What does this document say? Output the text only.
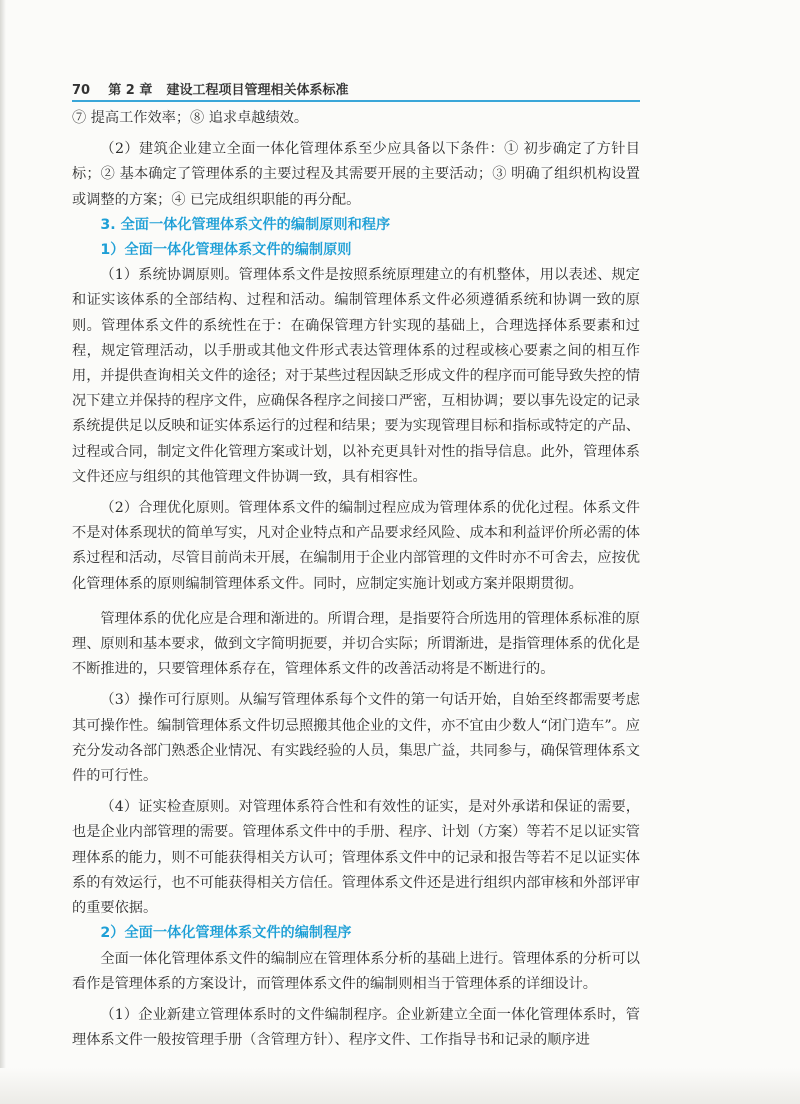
70 第 2 章 建设工程项目管理相关体系标准

⑦ 提高工作效率；⑧ 追求卓越绩效。

（2）建筑企业建立全面一体化管理体系至少应具备以下条件：① 初步确定了方针目标；② 基本确定了管理体系的主要过程及其需要开展的主要活动；③ 明确了组织机构设置或调整的方案；④ 已完成组织职能的再分配。

3. 全面一体化管理体系文件的编制原则和程序
1）全面一体化管理体系文件的编制原则

（1）系统协调原则。管理体系文件是按照系统原理建立的有机整体，用以表述、规定和证实该体系的全部结构、过程和活动。编制管理体系文件必须遵循系统和协调一致的原则。管理体系文件的系统性在于：在确保管理方针实现的基础上，合理选择体系要素和过程，规定管理活动，以手册或其他文件形式表达管理体系的过程或核心要素之间的相互作用，并提供查询相关文件的途径；对于某些过程因缺乏形成文件的程序而可能导致失控的情况下建立并保持的程序文件，应确保各程序之间接口严密，互相协调；要以事先设定的记录系统提供足以反映和证实体系运行的过程和结果；要为实现管理目标和指标或特定的产品、过程或合同，制定文件化管理方案或计划，以补充更具针对性的指导信息。此外，管理体系文件还应与组织的其他管理文件协调一致，具有相容性。

（2）合理优化原则。管理体系文件的编制过程应成为管理体系的优化过程。体系文件不是对体系现状的简单写实，凡对企业特点和产品要求经风险、成本和利益评价所必需的体系过程和活动，尽管目前尚未开展，在编制用于企业内部管理的文件时亦不可舍去，应按优化管理体系的原则编制管理体系文件。同时，应制定实施计划或方案并限期贯彻。

管理体系的优化应是合理和渐进的。所谓合理，是指要符合所选用的管理体系标准的原理、原则和基本要求，做到文字简明扼要，并切合实际；所谓渐进，是指管理体系的优化是不断推进的，只要管理体系存在，管理体系文件的改善活动将是不断进行的。

（3）操作可行原则。从编写管理体系每个文件的第一句话开始，自始至终都需要考虑其可操作性。编制管理体系文件切忌照搬其他企业的文件，亦不宜由少数人“闭门造车”。应充分发动各部门熟悉企业情况、有实践经验的人员，集思广益，共同参与，确保管理体系文件的可行性。

（4）证实检查原则。对管理体系符合性和有效性的证实，是对外承诺和保证的需要，也是企业内部管理的需要。管理体系文件中的手册、程序、计划（方案）等若不足以证实管理体系的能力，则不可能获得相关方认可；管理体系文件中的记录和报告等若不足以证实体系的有效运行，也不可能获得相关方信任。管理体系文件还是进行组织内部审核和外部评审的重要依据。

2）全面一体化管理体系文件的编制程序

全面一体化管理体系文件的编制应在管理体系分析的基础上进行。管理体系的分析可以看作是管理体系的方案设计，而管理体系文件的编制则相当于管理体系的详细设计。

（1）企业新建立管理体系时的文件编制程序。企业新建立全面一体化管理体系时，管理体系文件一般按管理手册（含管理方针）、程序文件、工作指导书和记录的顺序进
